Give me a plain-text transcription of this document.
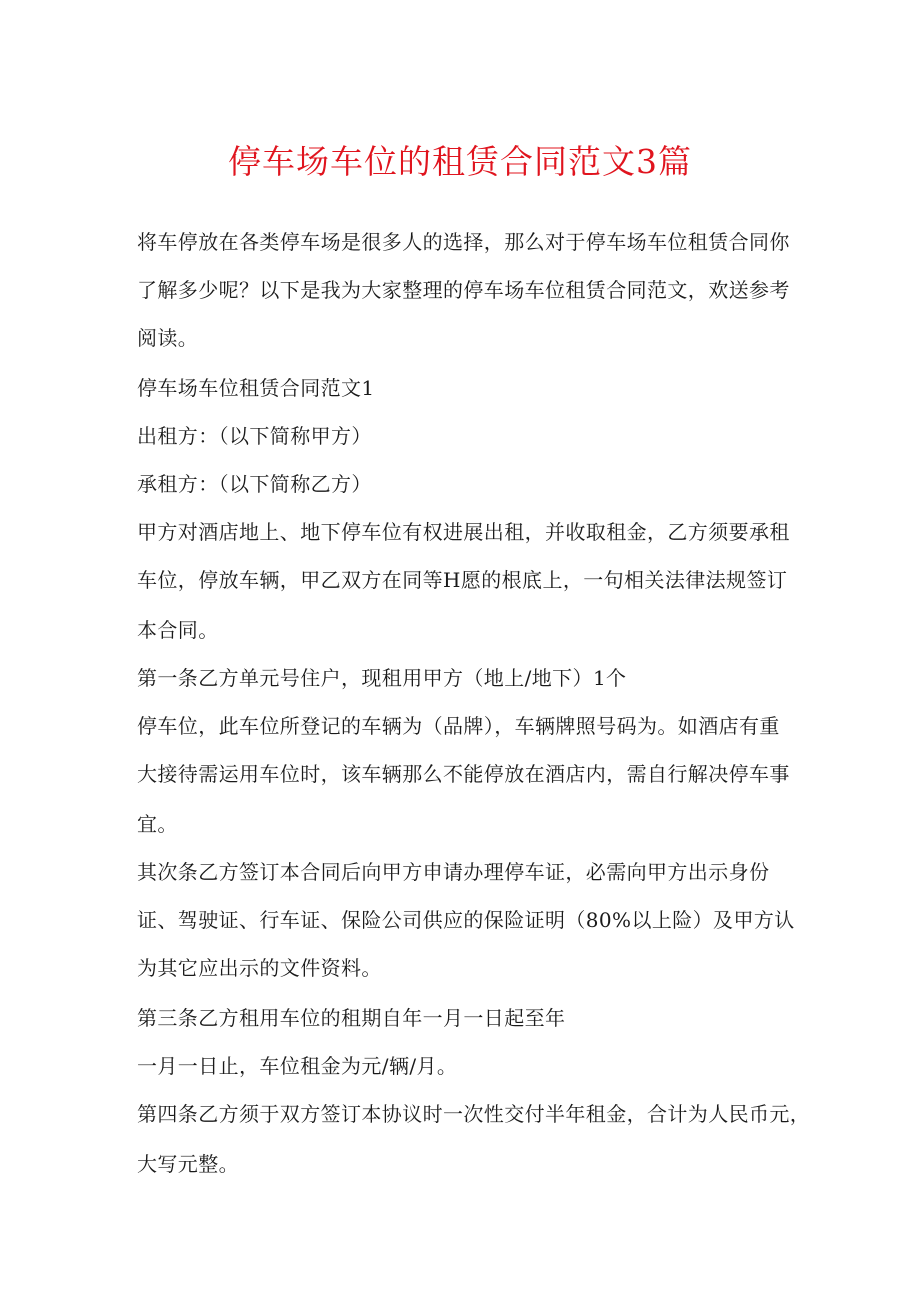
停车场车位的租赁合同范文3篇
将车停放在各类停车场是很多人的选择，那么对于停车场车位租赁合同你
了解多少呢？以下是我为大家整理的停车场车位租赁合同范文，欢送参考
阅读。
停车场车位租赁合同范文1
出租方：（以下简称甲方）
承租方：（以下简称乙方）
甲方对酒店地上、地下停车位有权进展出租，并收取租金，乙方须要承租
车位，停放车辆，甲乙双方在同等H愿的根底上，一句相关法律法规签订
本合同。
第一条乙方单元号住户，现租用甲方（地上/地下）1个
停车位，此车位所登记的车辆为（品牌），车辆牌照号码为。如酒店有重
大接待需运用车位时，该车辆那么不能停放在酒店内，需自行解决停车事
宜。
其次条乙方签订本合同后向甲方申请办理停车证，必需向甲方出示身份
证、驾驶证、行车证、保险公司供应的保险证明（80%以上险）及甲方认
为其它应出示的文件资料。
第三条乙方租用车位的租期自年一月一日起至年
一月一日止，车位租金为元/辆/月。
第四条乙方须于双方签订本协议时一次性交付半年租金，合计为人民币元，
大写元整。
